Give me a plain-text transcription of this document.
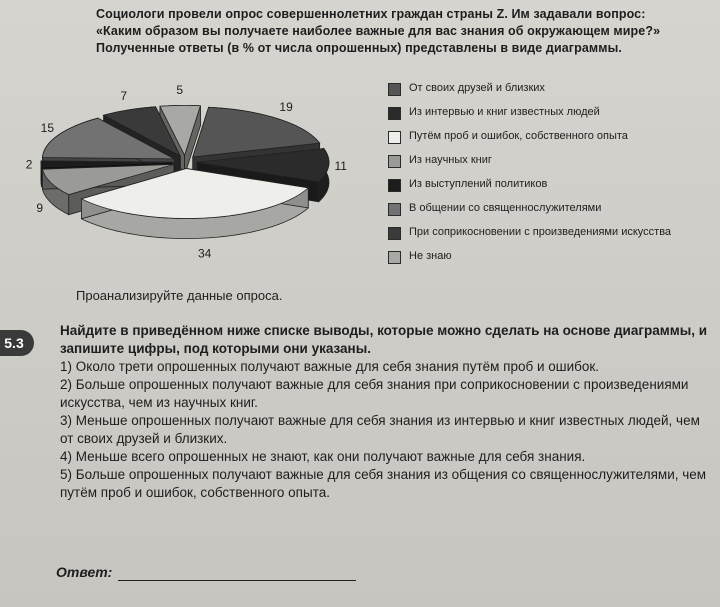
Социологи провели опрос совершеннолетних граждан страны Z. Им задавали вопрос: «Каким образом вы получаете наиболее важные для вас знания об окружающем мире?» Полученные ответы (в % от числа опрошенных) представлены в виде диаграммы.
19
11
34
9
2
15
7	5	От своих друзей и близких
Из интервью и книг известных людей
Путём проб и ошибок, собственного опыта
Из научных книг
Из выступлений политиков
В общении со священнослужителями
При соприкосновении с произведениями искусства
Не знаю
Проанализируйте данные опроса.
5.3

Найдите в приведённом ниже списке выводы, которые можно сделать на основе диаграммы, и запишите цифры, под которыми они указаны.

1) Около трети опрошенных получают важные для себя знания путём проб и ошибок.

2) Больше опрошенных получают важные для себя знания при соприкосновении с произведениями искусства, чем из научных книг.

3) Меньше опрошенных получают важные для себя знания из интервью и книг известных людей, чем от своих друзей и близких.

4) Меньше всего опрошенных не знают, как они получают важные для себя знания.

5) Больше опрошенных получают важные для себя знания из общения со священнослужителями, чем путём проб и ошибок, собственного опыта.

Ответ:
